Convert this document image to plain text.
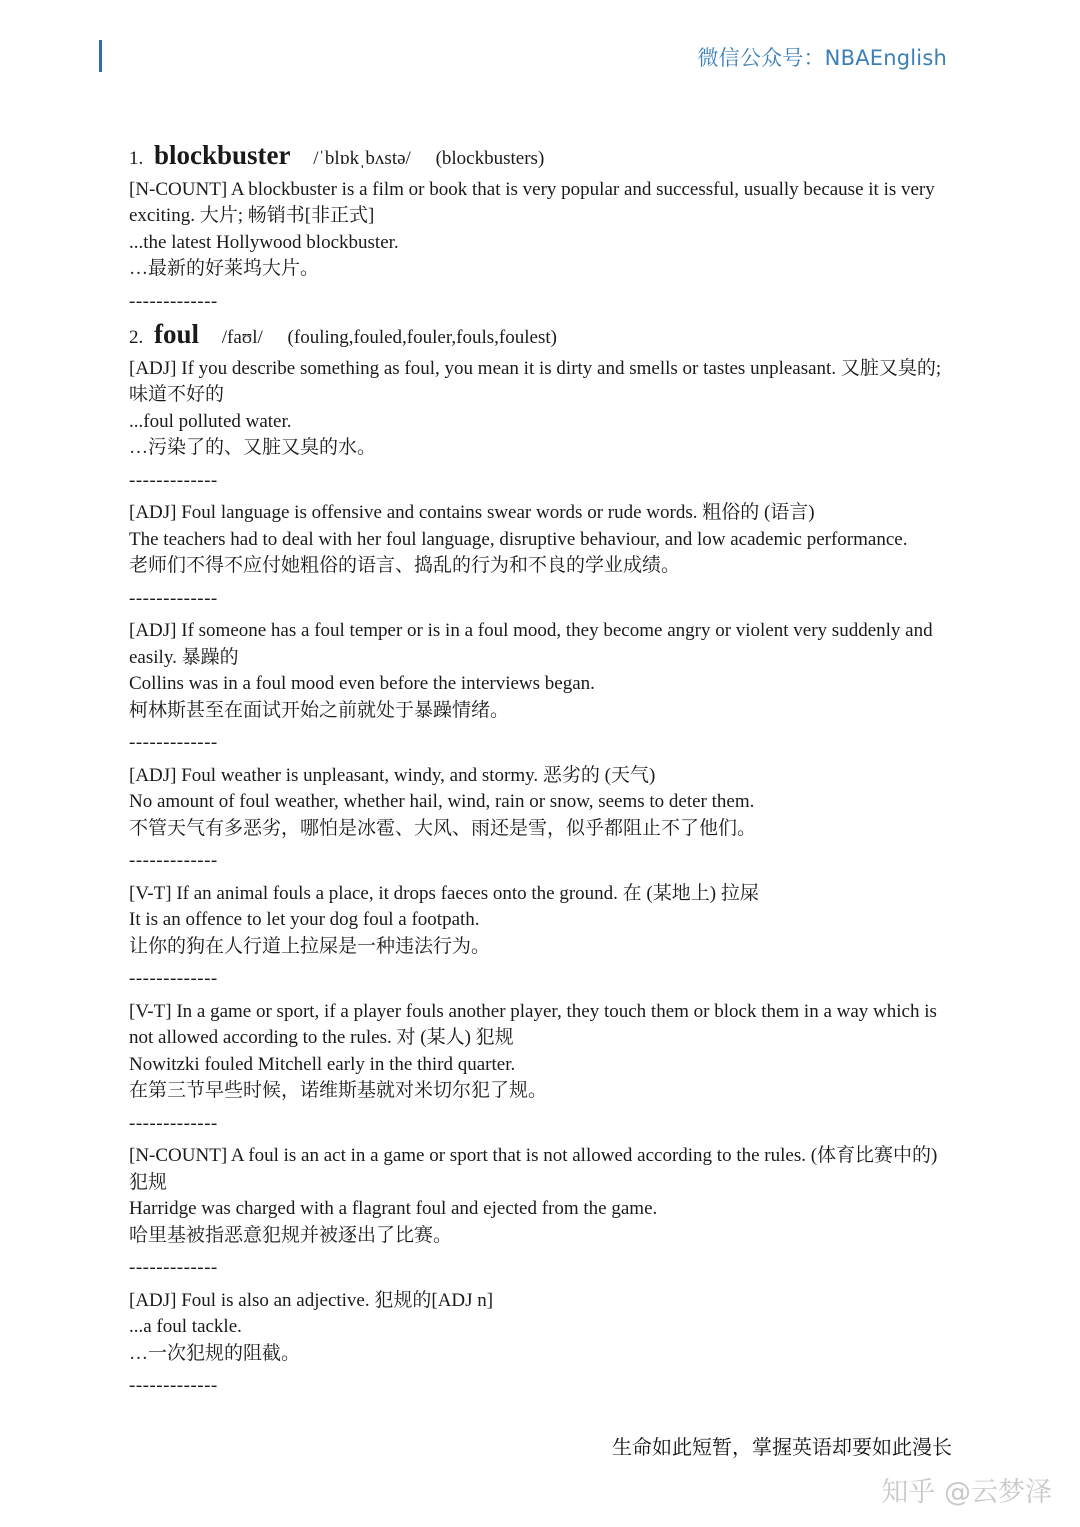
微信公众号：NBAEnglish
1. blockbuster /ˈblɒkˌbʌstə/ (blockbusters)

[N-COUNT] A blockbuster is a film or book that is very popular and successful, usually because it is very exciting. 大片; 畅销书[非正式]

...the latest Hollywood blockbuster.

…最新的好莱坞大片。

-------------

2. foul /faʊl/ (fouling,fouled,fouler,fouls,foulest)

[ADJ] If you describe something as foul, you mean it is dirty and smells or tastes unpleasant. 又脏又臭的; 味道不好的

...foul polluted water.

…污染了的、又脏又臭的水。

-------------

[ADJ] Foul language is offensive and contains swear words or rude words. 粗俗的 (语言)

The teachers had to deal with her foul language, disruptive behaviour, and low academic performance.

老师们不得不应付她粗俗的语言、捣乱的行为和不良的学业成绩。

-------------

[ADJ] If someone has a foul temper or is in a foul mood, they become angry or violent very suddenly and easily. 暴躁的

Collins was in a foul mood even before the interviews began.

柯林斯甚至在面试开始之前就处于暴躁情绪。

-------------

[ADJ] Foul weather is unpleasant, windy, and stormy. 恶劣的 (天气)

No amount of foul weather, whether hail, wind, rain or snow, seems to deter them.

不管天气有多恶劣，哪怕是冰雹、大风、雨还是雪，似乎都阻止不了他们。

-------------

[V-T] If an animal fouls a place, it drops faeces onto the ground. 在 (某地上) 拉屎

It is an offence to let your dog foul a footpath.

让你的狗在人行道上拉屎是一种违法行为。

-------------

[V-T] In a game or sport, if a player fouls another player, they touch them or block them in a way which is not allowed according to the rules. 对 (某人) 犯规

Nowitzki fouled Mitchell early in the third quarter.

在第三节早些时候，诺维斯基就对米切尔犯了规。

-------------

[N-COUNT] A foul is an act in a game or sport that is not allowed according to the rules. (体育比赛中的) 犯规

Harridge was charged with a flagrant foul and ejected from the game.

哈里基被指恶意犯规并被逐出了比赛。

-------------

[ADJ] Foul is also an adjective. 犯规的[ADJ n]

...a foul tackle.

…一次犯规的阻截。

-------------

生命如此短暂，掌握英语却要如此漫长
知乎 @云梦泽
